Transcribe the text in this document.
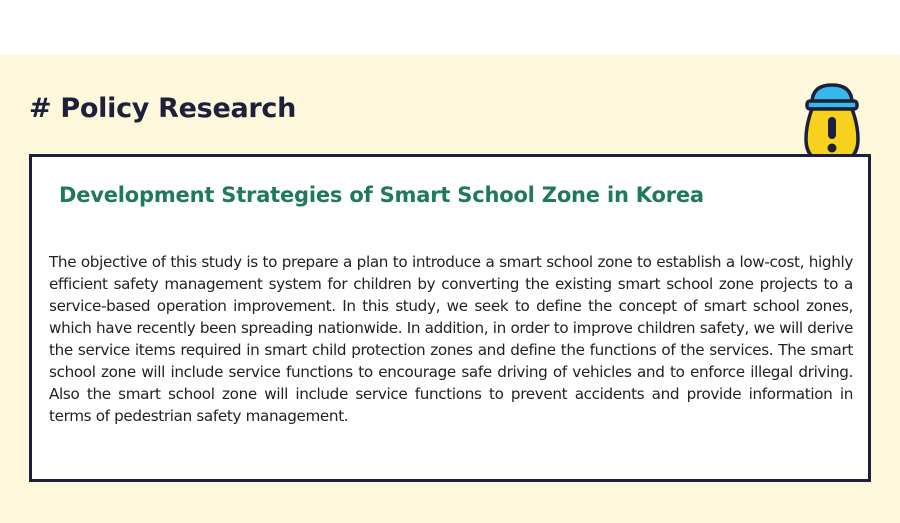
# Policy Research
Development Strategies of Smart School Zone in Korea

The objective of this study is to prepare a plan to introduce a smart school zone to establish a low-cost, highly efficient safety management system for children by converting the existing smart school zone projects to a service-based operation improvement. In this study, we seek to define the concept of smart school zones, which have recently been spreading nationwide. In addition, in order to improve children safety, we will derive the service items required in smart child protection zones and define the functions of the services. The smart school zone will include service functions to encourage safe driving of vehicles and to enforce illegal driving. Also the smart school zone will include service functions to prevent accidents and provide information in terms of pedestrian safety management.
